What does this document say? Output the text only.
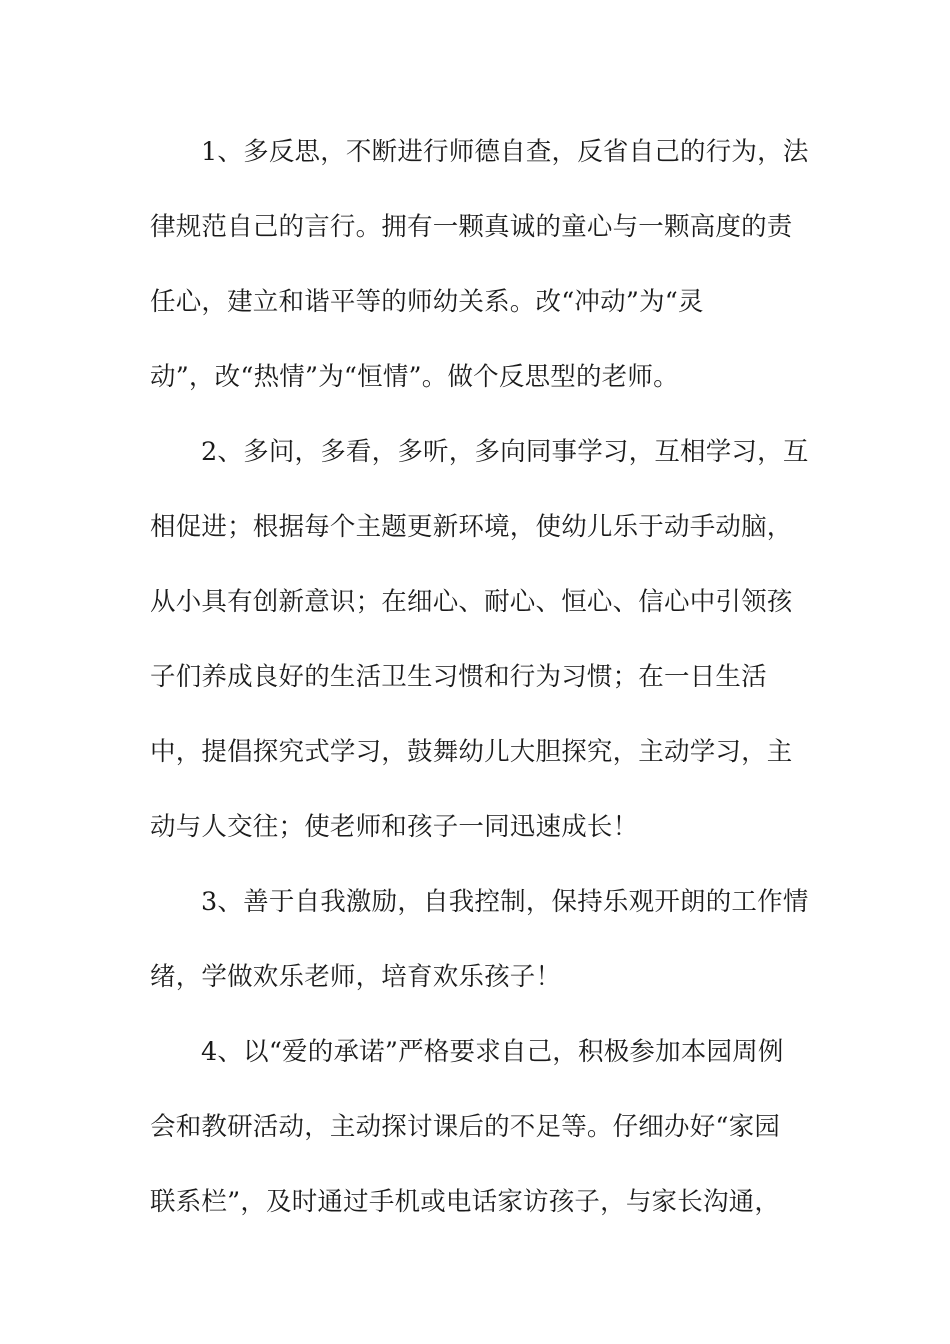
1、多反思，不断进行师德自查，反省自己的行为，法
律规范自己的言行。拥有一颗真诚的童心与一颗高度的责
任心，建立和谐平等的师幼关系。改“冲动”为“灵
动”，改“热情”为“恒情”。做个反思型的老师。
2、多问，多看，多听，多向同事学习，互相学习，互
相促进；根据每个主题更新环境，使幼儿乐于动手动脑，
从小具有创新意识；在细心、耐心、恒心、信心中引领孩
子们养成良好的生活卫生习惯和行为习惯；在一日生活
中，提倡探究式学习，鼓舞幼儿大胆探究，主动学习，主
动与人交往；使老师和孩子一同迅速成长！
3、善于自我激励，自我控制，保持乐观开朗的工作情
绪，学做欢乐老师，培育欢乐孩子！
4、以“爱的承诺”严格要求自己，积极参加本园周例
会和教研活动，主动探讨课后的不足等。仔细办好“家园
联系栏”，及时通过手机或电话家访孩子，与家长沟通，
